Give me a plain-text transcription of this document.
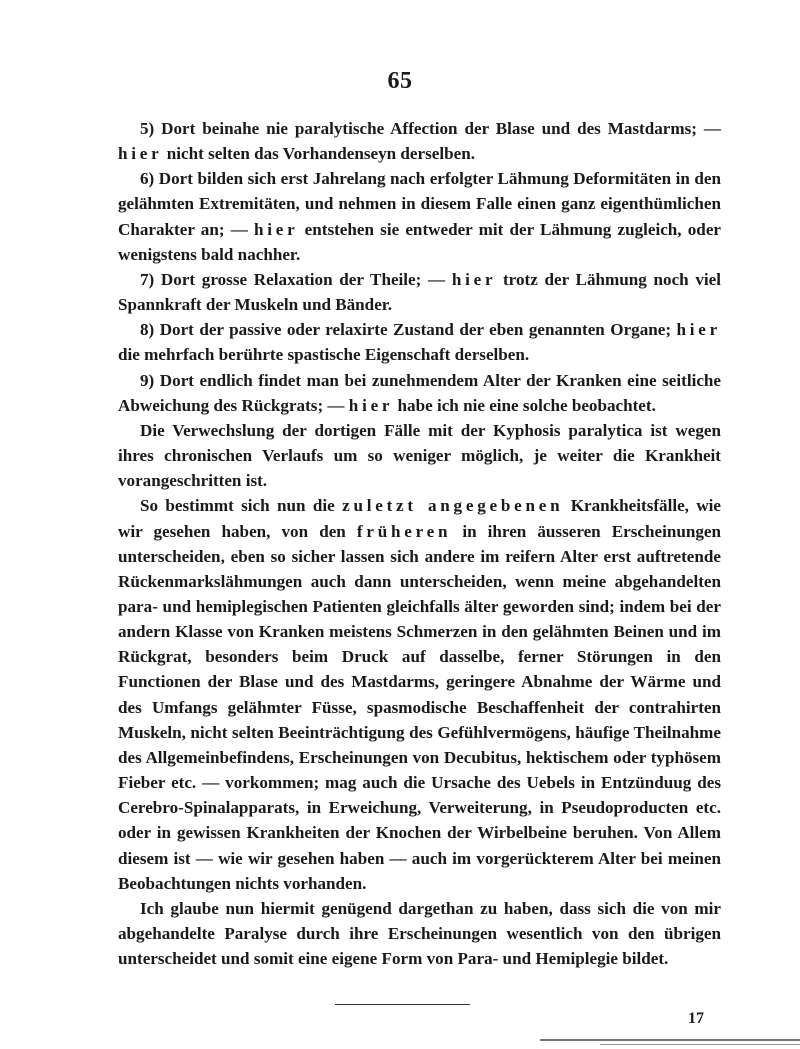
65

5) Dort beinahe nie paralytische Affection der Blase und des Mastdarms; — hier nicht selten das Vorhandenseyn derselben.

6) Dort bilden sich erst Jahrelang nach erfolgter Lähmung Deformitäten in den gelähmten Extremitäten, und nehmen in diesem Falle einen ganz eigenthümlichen Charakter an; — hier entstehen sie entweder mit der Lähmung zugleich, oder wenigstens bald nachher.

7) Dort grosse Relaxation der Theile; — hier trotz der Lähmung noch viel Spannkraft der Muskeln und Bänder.

8) Dort der passive oder relaxirte Zustand der eben genannten Organe; hier die mehrfach berührte spastische Eigenschaft derselben.

9) Dort endlich findet man bei zunehmendem Alter der Kranken eine seitliche Abweichung des Rückgrats; — hier habe ich nie eine solche beobachtet.

Die Verwechslung der dortigen Fälle mit der Kyphosis paralytica ist wegen ihres chronischen Verlaufs um so weniger möglich, je weiter die Krankheit vorangeschritten ist.

So bestimmt sich nun die zuletzt angegebenen Krankheitsfälle, wie wir gesehen haben, von den früheren in ihren äusseren Erscheinungen unterscheiden, eben so sicher lassen sich andere im reifern Alter erst auftretende Rückenmarkslähmungen auch dann unterscheiden, wenn meine abgehandelten para- und hemiplegischen Patienten gleichfalls älter geworden sind; indem bei der andern Klasse von Kranken meistens Schmerzen in den gelähmten Beinen und im Rückgrat, besonders beim Druck auf dasselbe, ferner Störungen in den Functionen der Blase und des Mastdarms, geringere Abnahme der Wärme und des Umfangs gelähmter Füsse, spasmodische Beschaffenheit der contrahirten Muskeln, nicht selten Beeinträchtigung des Gefühlvermögens, häufige Theilnahme des Allgemeinbefindens, Erscheinungen von Decubitus, hektischem oder typhösem Fieber etc. — vorkommen; mag auch die Ursache des Uebels in Entzünduug des Cerebro-Spinalapparats, in Erweichung, Verweiterung, in Pseudoproducten etc. oder in gewissen Krankheiten der Knochen der Wirbelbeine beruhen. Von Allem diesem ist — wie wir gesehen haben — auch im vorgerückterem Alter bei meinen Beobachtungen nichts vorhanden.

Ich glaube nun hiermit genügend dargethan zu haben, dass sich die von mir abgehandelte Paralyse durch ihre Erscheinungen wesentlich von den übrigen unterscheidet und somit eine eigene Form von Para- und Hemiplegie bildet.

17
